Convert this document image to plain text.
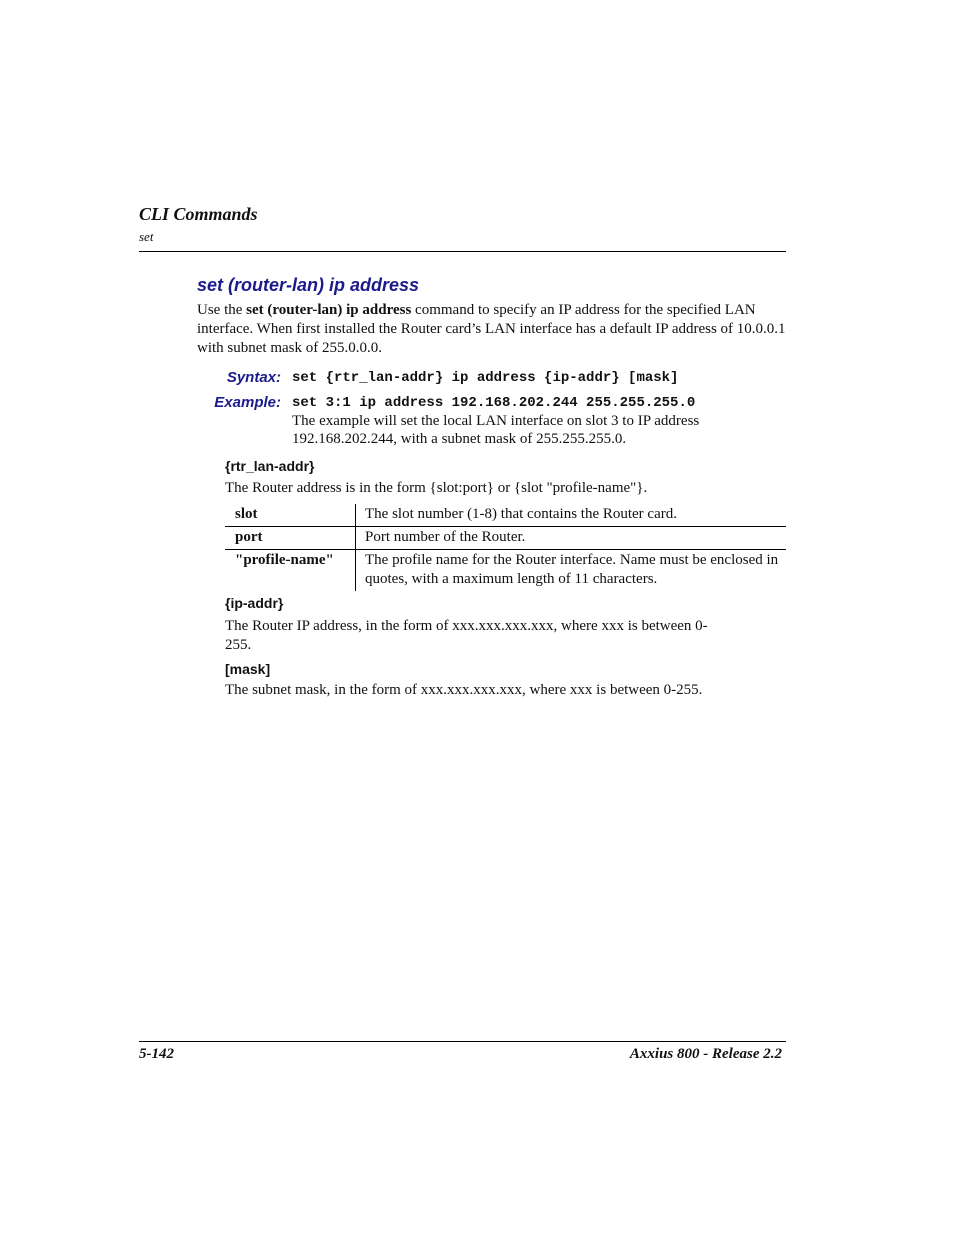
CLI Commands
set
set (router-lan) ip address
Use the set (router-lan) ip address command to specify an IP address for the specified LAN interface. When first installed the Router card’s LAN interface has a default IP address of 10.0.0.1 with subnet mask of 255.0.0.0.
Syntax: set {rtr_lan-addr} ip address {ip-addr} [mask]
Example: set 3:1 ip address 192.168.202.244 255.255.255.0
The example will set the local LAN interface on slot 3 to IP address 192.168.202.244, with a subnet mask of 255.255.255.0.
{rtr_lan-addr}
The Router address is in the form {slot:port} or {slot "profile-name"}.
slot	The slot number (1-8) that contains the Router card.
port	Port number of the Router.
"profile-name"	The profile name for the Router interface. Name must be enclosed in quotes, with a maximum length of 11 characters.
{ip-addr}
The Router IP address, in the form of xxx.xxx.xxx.xxx, where xxx is between 0-255.
[mask]
The subnet mask, in the form of xxx.xxx.xxx.xxx, where xxx is between 0-255.
5-142	Axxius 800 - Release 2.2
